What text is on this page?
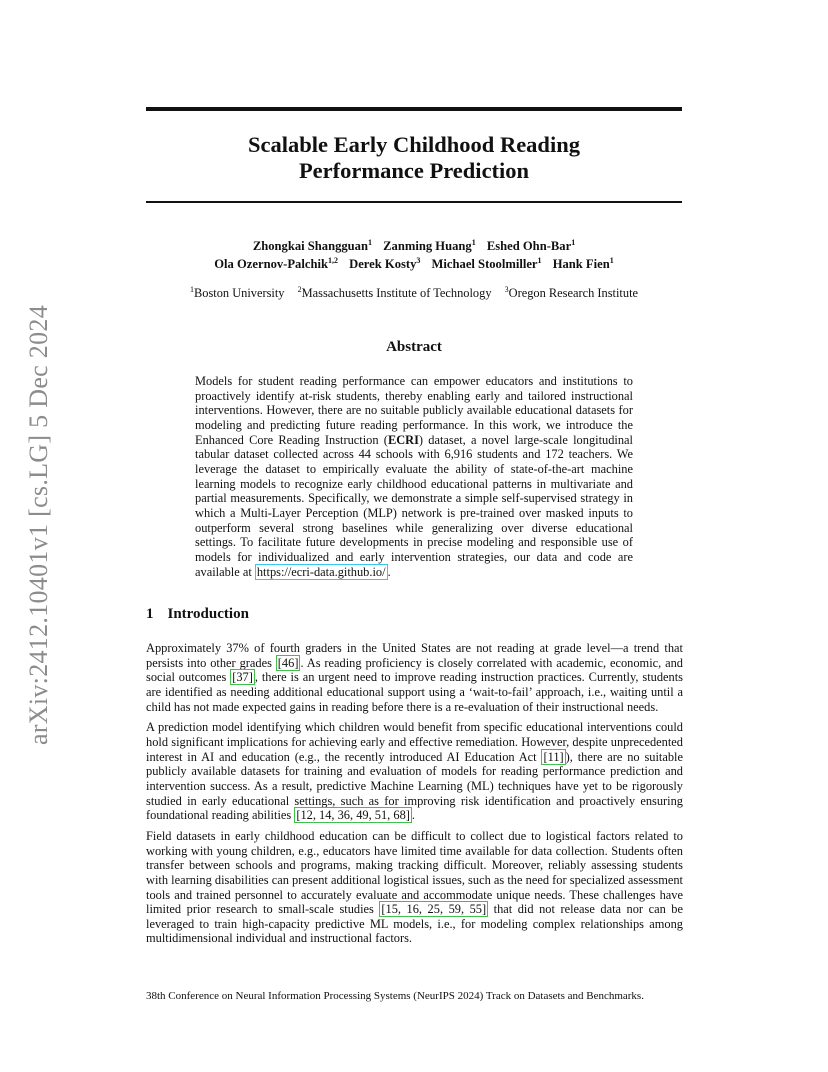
arXiv:2412.10401v1 [cs.LG] 5 Dec 2024
Scalable Early Childhood Reading
Performance Prediction
Zhongkai Shangguan$^1$ Zanming Huang$^1$ Eshed Ohn-Bar$^1$
Ola Ozernov-Palchik$^{1,2}$ Derek Kosty$^3$ Michael Stoolmiller$^1$ Hank Fien$^1$
$^1$Boston University $^2$Massachusetts Institute of Technology $^3$Oregon Research Institute
Abstract
Models for student reading performance can empower educators and institutions to proactively identify at-risk students, thereby enabling early and tailored instructional interventions. However, there are no suitable publicly available educational datasets for modeling and predicting future reading performance. In this work, we introduce the Enhanced Core Reading Instruction (ECRI) dataset, a novel large-scale longitudinal tabular dataset collected across 44 schools with 6,916 students and 172 teachers. We leverage the dataset to empirically evaluate the ability of state-of-the-art machine learning models to recognize early childhood educational patterns in multivariate and partial measurements. Specifically, we demonstrate a simple self-supervised strategy in which a Multi-Layer Perception (MLP) network is pre-trained over masked inputs to outperform several strong baselines while generalizing over diverse educational settings. To facilitate future developments in precise modeling and responsible use of models for individualized and early intervention strategies, our data and code are available at https://ecri-data.github.io/ .
1 Introduction

Approximately 37% of fourth graders in the United States are not reading at grade level—a trend that persists into other grades [46] . As reading proficiency is closely correlated with academic, economic, and social outcomes [37] , there is an urgent need to improve reading instruction practices. Currently, students are identified as needing additional educational support using a ‘wait-to-fail’ approach, i.e., waiting until a child has not made expected gains in reading before there is a re-evaluation of their instructional needs.

A prediction model identifying which children would benefit from specific educational interventions could hold significant implications for achieving early and effective remediation. However, despite unprecedented interest in AI and education (e.g., the recently introduced AI Education Act [11] ), there are no suitable publicly available datasets for training and evaluation of models for reading performance prediction and intervention success. As a result, predictive Machine Learning (ML) techniques have yet to be rigorously studied in early educational settings, such as for improving risk identification and proactively ensuring foundational reading abilities [12, 14, 36, 49, 51, 68] .

Field datasets in early childhood education can be difficult to collect due to logistical factors related to working with young children, e.g., educators have limited time available for data collection. Students often transfer between schools and programs, making tracking difficult. Moreover, reliably assessing students with learning disabilities can present additional logistical issues, such as the need for specialized assessment tools and trained personnel to accurately evaluate and accommodate unique needs. These challenges have limited prior research to small-scale studies [15, 16, 25, 59, 55] that did not release data nor can be leveraged to train high-capacity predictive ML models, i.e., for modeling complex relationships among multidimensional individual and instructional factors.

38th Conference on Neural Information Processing Systems (NeurIPS 2024) Track on Datasets and Benchmarks.
